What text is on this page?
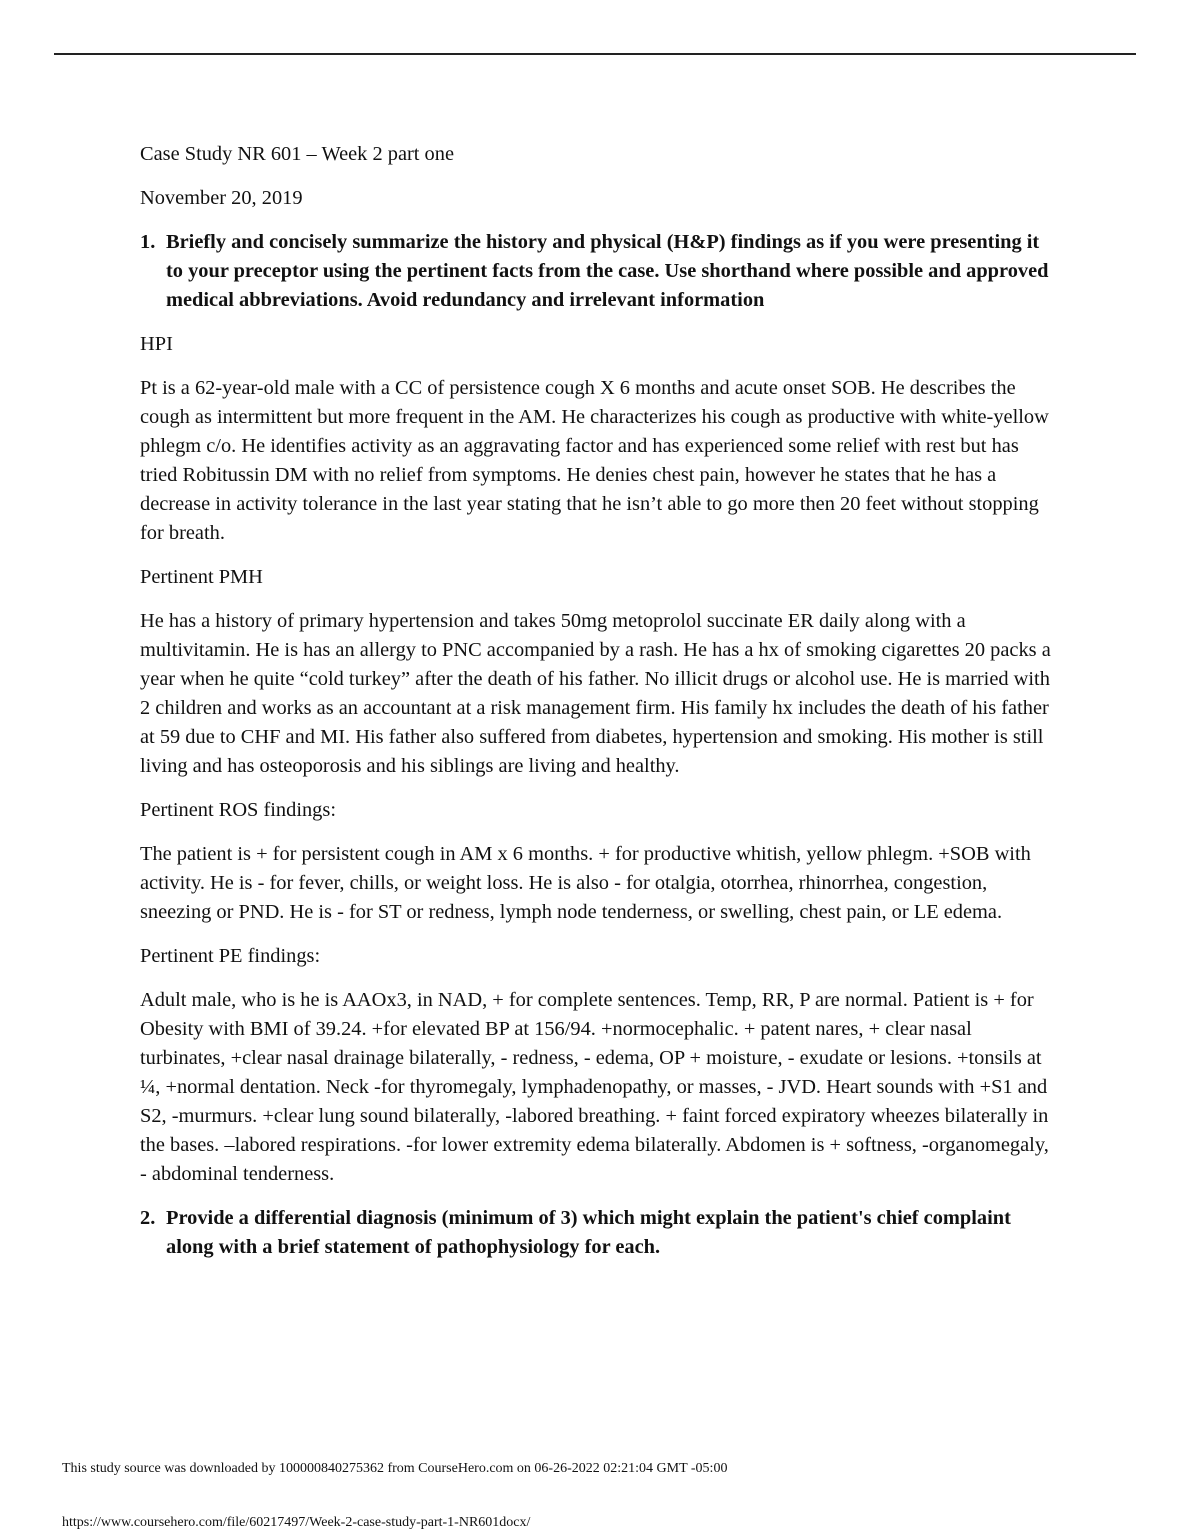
Case Study NR 601 – Week 2 part one

November 20, 2019

1. Briefly and concisely summarize the history and physical (H&P) findings as if you were presenting it to your preceptor using the pertinent facts from the case. Use shorthand where possible and approved medical abbreviations. Avoid redundancy and irrelevant information

HPI

Pt is a 62-year-old male with a CC of persistence cough X 6 months and acute onset SOB. He describes the cough as intermittent but more frequent in the AM. He characterizes his cough as productive with white-yellow phlegm c/o. He identifies activity as an aggravating factor and has experienced some relief with rest but has tried Robitussin DM with no relief from symptoms. He denies chest pain, however he states that he has a decrease in activity tolerance in the last year stating that he isn’t able to go more then 20 feet without stopping for breath.

Pertinent PMH

He has a history of primary hypertension and takes 50mg metoprolol succinate ER daily along with a multivitamin. He is has an allergy to PNC accompanied by a rash. He has a hx of smoking cigarettes 20 packs a year when he quite “cold turkey” after the death of his father. No illicit drugs or alcohol use. He is married with 2 children and works as an accountant at a risk management firm. His family hx includes the death of his father at 59 due to CHF and MI. His father also suffered from diabetes, hypertension and smoking. His mother is still living and has osteoporosis and his siblings are living and healthy.

Pertinent ROS findings:

The patient is + for persistent cough in AM x 6 months. + for productive whitish, yellow phlegm. +SOB with activity. He is - for fever, chills, or weight loss. He is also - for otalgia, otorrhea, rhinorrhea, congestion, sneezing or PND. He is - for ST or redness, lymph node tenderness, or swelling, chest pain, or LE edema.

Pertinent PE findings:

Adult male, who is he is AAOx3, in NAD, + for complete sentences. Temp, RR, P are normal. Patient is + for Obesity with BMI of 39.24. +for elevated BP at 156/94. +normocephalic. + patent nares, + clear nasal turbinates, +clear nasal drainage bilaterally, - redness, - edema, OP + moisture, - exudate or lesions. +tonsils at ¼, +normal dentation. Neck -for thyromegaly, lymphadenopathy, or masses, - JVD. Heart sounds with +S1 and S2, -murmurs. +clear lung sound bilaterally, -labored breathing. + faint forced expiratory wheezes bilaterally in the bases. –labored respirations. -for lower extremity edema bilaterally. Abdomen is + softness, -organomegaly, - abdominal tenderness.

2. Provide a differential diagnosis (minimum of 3) which might explain the patient's chief complaint along with a brief statement of pathophysiology for each.
This study source was downloaded by 100000840275362 from CourseHero.com on 06-26-2022 02:21:04 GMT -05:00
https://www.coursehero.com/file/60217497/Week-2-case-study-part-1-NR601docx/
